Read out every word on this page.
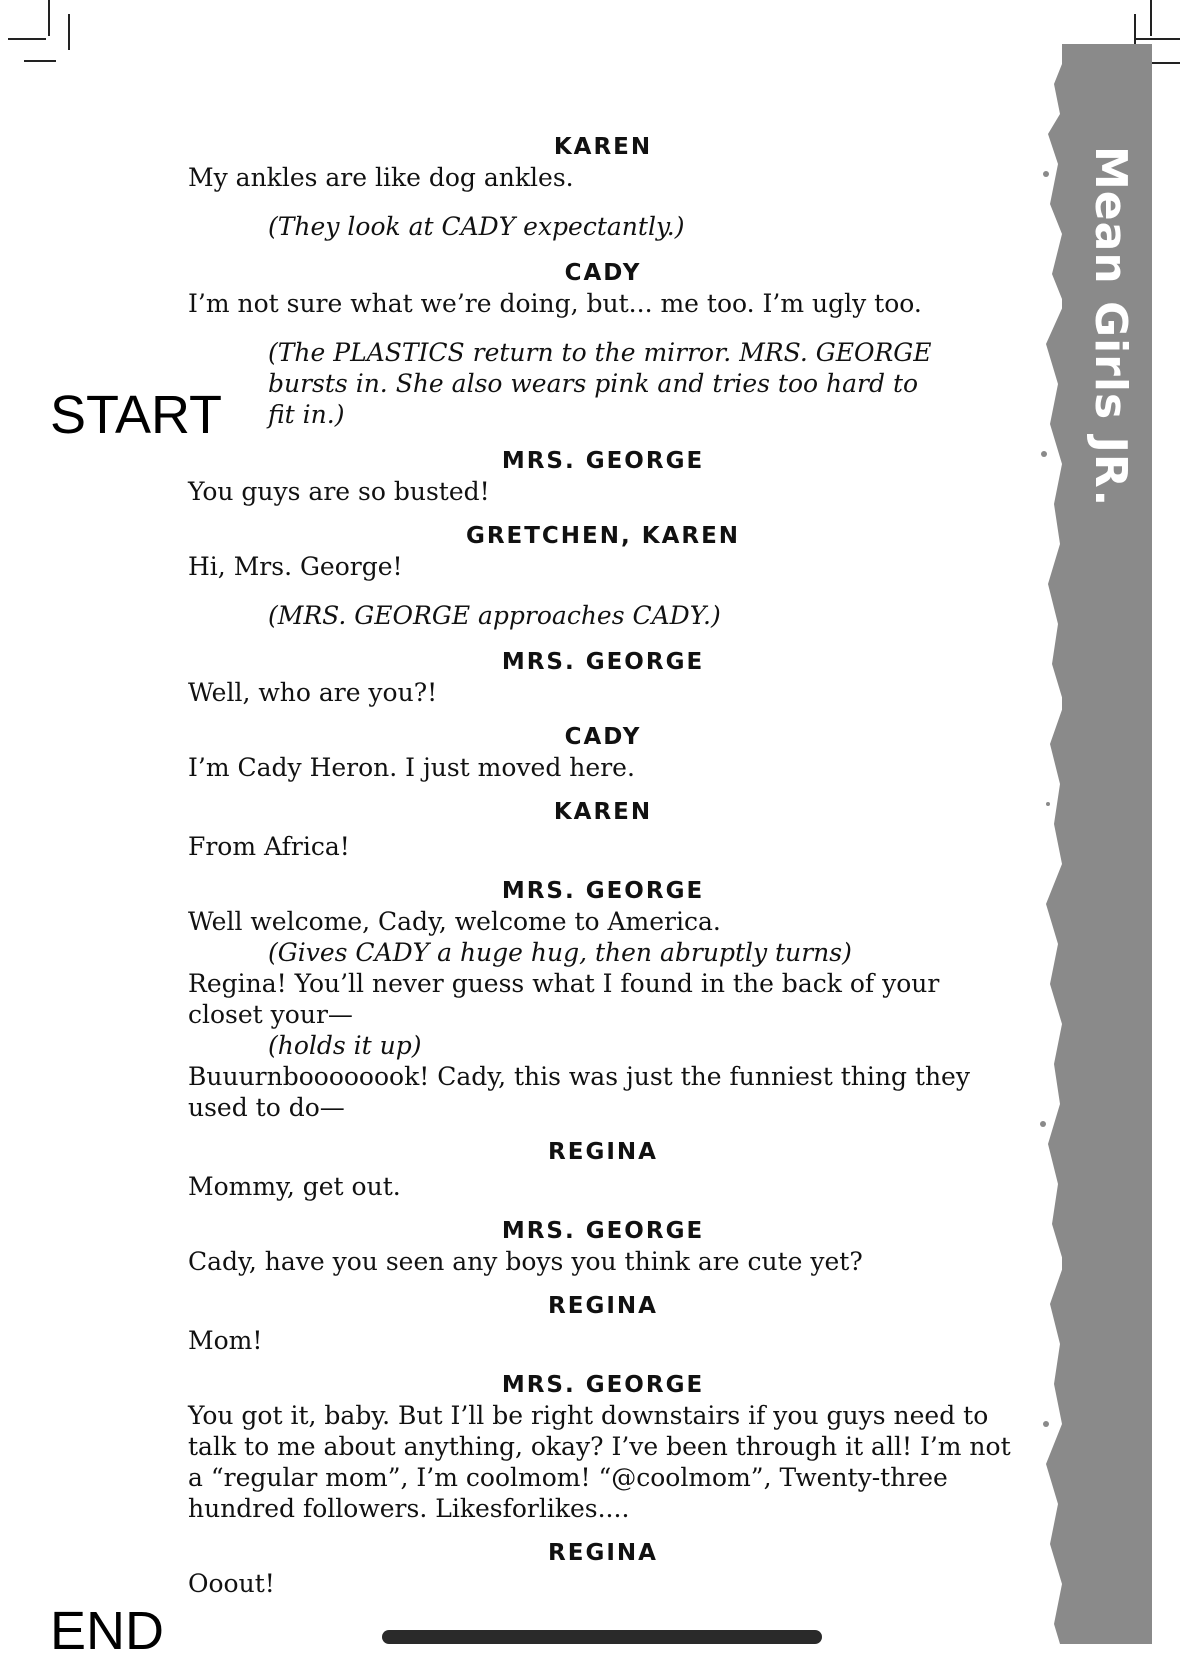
Mean Girls JR.
START
END
KAREN

My ankles are like dog ankles.

(They look at CADY expectantly.)

CADY

I’m not sure what we’re doing, but... me too. I’m ugly too.

(The PLASTICS return to the mirror. MRS. GEORGE bursts in. She also wears pink and tries too hard to fit in.)

MRS. GEORGE

You guys are so busted!

GRETCHEN, KAREN

Hi, Mrs. George!

(MRS. GEORGE approaches CADY.)

MRS. GEORGE

Well, who are you?!

CADY

I’m Cady Heron. I just moved here.

KAREN

From Africa!

MRS. GEORGE

Well welcome, Cady, welcome to America.

(Gives CADY a huge hug, then abruptly turns)

Regina! You’ll never guess what I found in the back of your closet your—

(holds it up)

Buuurnboooooook! Cady, this was just the funniest thing they used to do—

REGINA

Mommy, get out.

MRS. GEORGE

Cady, have you seen any boys you think are cute yet?

REGINA

Mom!

MRS. GEORGE

You got it, baby. But I’ll be right downstairs if you guys need to talk to me about anything, okay? I’ve been through it all! I’m not a “regular mom”, I’m coolmom! “@coolmom”, Twenty-three hundred followers. Likesforlikes....

REGINA

Ooout!
